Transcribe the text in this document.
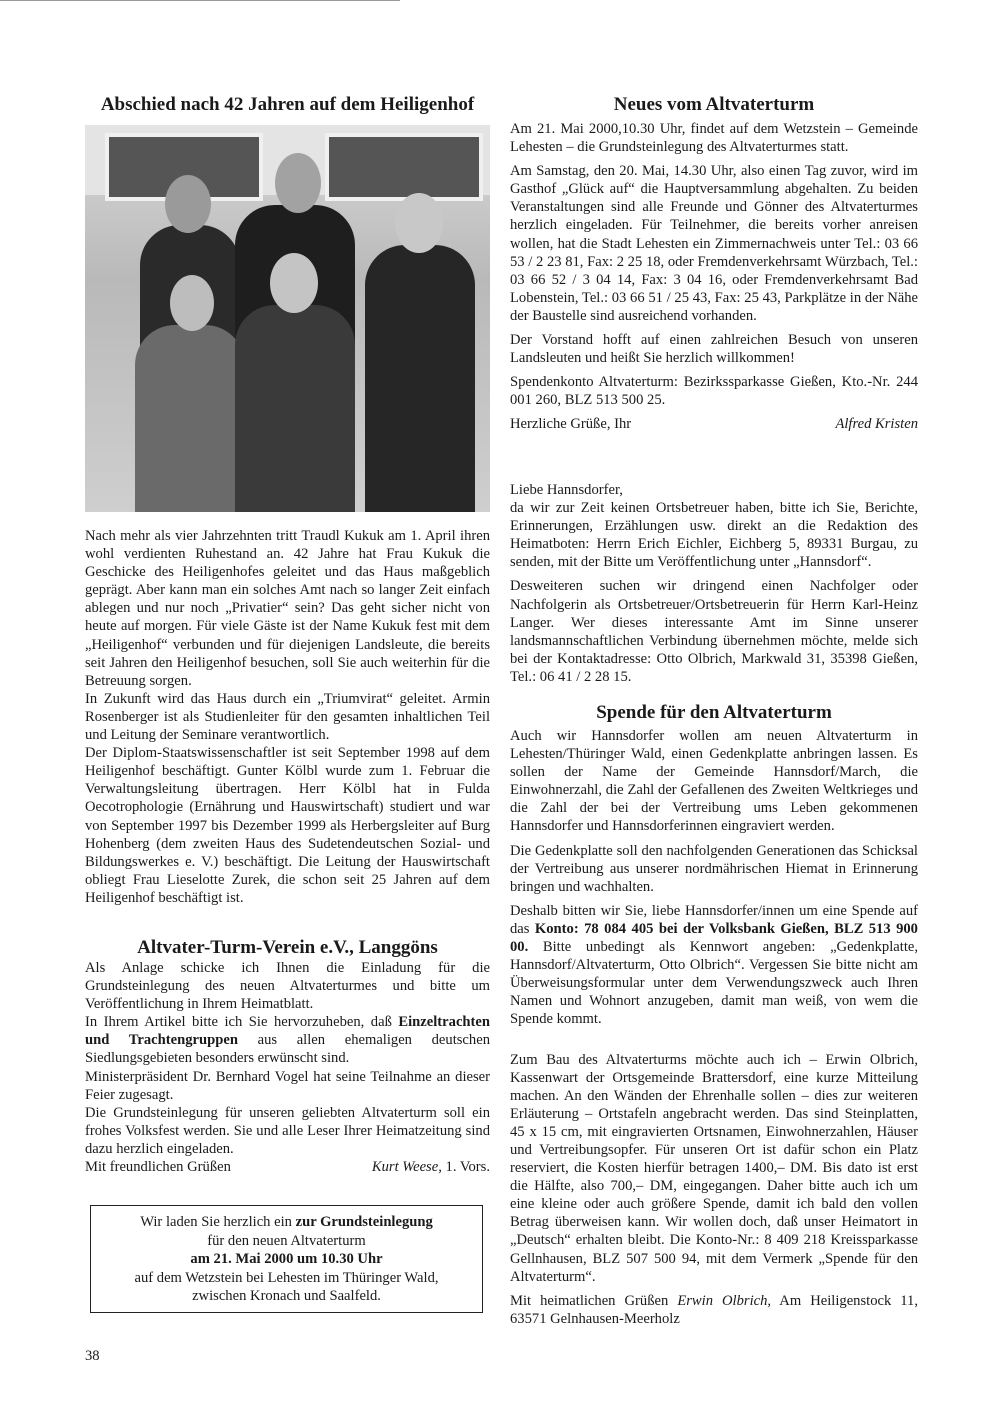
Abschied nach 42 Jahren auf dem Heiligenhof

Nach mehr als vier Jahrzehnten tritt Traudl Kukuk am 1. April ihren wohl verdienten Ruhestand an. 42 Jahre hat Frau Kukuk die Geschicke des Heiligenhofes geleitet und das Haus maßgeblich geprägt. Aber kann man ein solches Amt nach so langer Zeit einfach ablegen und nur noch „Privatier“ sein? Das geht sicher nicht von heute auf morgen. Für viele Gäste ist der Name Kukuk fest mit dem „Heiligenhof“ verbunden und für diejenigen Landsleute, die bereits seit Jahren den Heiligenhof besuchen, soll Sie auch weiterhin für die Betreuung sorgen.

In Zukunft wird das Haus durch ein „Triumvirat“ geleitet. Armin Rosenberger ist als Studienleiter für den gesamten inhaltlichen Teil und Leitung der Seminare verantwortlich.

Der Diplom-Staatswissenschaftler ist seit September 1998 auf dem Heiligenhof beschäftigt. Gunter Kölbl wurde zum 1. Februar die Verwaltungsleitung übertragen. Herr Kölbl hat in Fulda Oecotrophologie (Ernährung und Hauswirtschaft) studiert und war von September 1997 bis Dezember 1999 als Herbergsleiter auf Burg Hohenberg (dem zweiten Haus des Sudetendeutschen Sozial- und Bildungswerkes e. V.) beschäftigt. Die Leitung der Hauswirtschaft obliegt Frau Lieselotte Zurek, die schon seit 25 Jahren auf dem Heiligenhof beschäftigt ist.

Altvater-Turm-Verein e.V., Langgöns

Als Anlage schicke ich Ihnen die Einladung für die Grundsteinlegung des neuen Altvaterturmes und bitte um Veröffentlichung in Ihrem Heimatblatt.

In Ihrem Artikel bitte ich Sie hervorzuheben, daß Einzeltrachten und Trachtengruppen aus allen ehemaligen deutschen Siedlungsgebieten besonders erwünscht sind.

Ministerpräsident Dr. Bernhard Vogel hat seine Teilnahme an dieser Feier zugesagt.

Die Grundsteinlegung für unseren geliebten Altvaterturm soll ein frohes Volksfest werden. Sie und alle Leser Ihrer Heimatzeitung sind dazu herzlich eingeladen.

Mit freundlichen Grüßen	Kurt Weese, 1. Vors.
Wir laden Sie herzlich ein zur Grundsteinlegung
für den neuen Altvaterturm
am 21. Mai 2000 um 10.30 Uhr
auf dem Wetzstein bei Lehesten im Thüringer Wald,
zwischen Kronach und Saalfeld.
38
Neues vom Altvaterturm

Am 21. Mai 2000,10.30 Uhr, findet auf dem Wetzstein – Gemeinde Lehesten – die Grundsteinlegung des Altvaterturmes statt.

Am Samstag, den 20. Mai, 14.30 Uhr, also einen Tag zuvor, wird im Gasthof „Glück auf“ die Hauptversammlung abgehalten. Zu beiden Veranstaltungen sind alle Freunde und Gönner des Altvaterturmes herzlich eingeladen. Für Teilnehmer, die bereits vorher anreisen wollen, hat die Stadt Lehesten ein Zimmernachweis unter Tel.: 03 66 53 / 2 23 81, Fax: 2 25 18, oder Fremdenverkehrsamt Würzbach, Tel.: 03 66 52 / 3 04 14, Fax: 3 04 16, oder Fremdenverkehrsamt Bad Lobenstein, Tel.: 03 66 51 / 25 43, Fax: 25 43, Parkplätze in der Nähe der Baustelle sind ausreichend vorhanden.

Der Vorstand hofft auf einen zahlreichen Besuch von unseren Landsleuten und heißt Sie herzlich willkommen!

Spendenkonto Altvaterturm: Bezirkssparkasse Gießen, Kto.-Nr. 244 001 260, BLZ 513 500 25.

Herzliche Grüße, Ihr	Alfred Kristen

Liebe Hannsdorfer,

da wir zur Zeit keinen Ortsbetreuer haben, bitte ich Sie, Berichte, Erinnerungen, Erzählungen usw. direkt an die Redaktion des Heimatboten: Herrn Erich Eichler, Eichberg 5, 89331 Burgau, zu senden, mit der Bitte um Veröffentlichung unter „Hannsdorf“.

Desweiteren suchen wir dringend einen Nachfolger oder Nachfolgerin als Ortsbetreuer/Ortsbetreuerin für Herrn Karl-Heinz Langer. Wer dieses interessante Amt im Sinne unserer landsmannschaftlichen Verbindung übernehmen möchte, melde sich bei der Kontaktadresse: Otto Olbrich, Markwald 31, 35398 Gießen, Tel.: 06 41 / 2 28 15.

Spende für den Altvaterturm

Auch wir Hannsdorfer wollen am neuen Altvaterturm in Lehesten/Thüringer Wald, einen Gedenkplatte anbringen lassen. Es sollen der Name der Gemeinde Hannsdorf/March, die Einwohnerzahl, die Zahl der Gefallenen des Zweiten Weltkrieges und die Zahl der bei der Vertreibung ums Leben gekommenen Hannsdorfer und Hannsdorferinnen eingraviert werden.

Die Gedenkplatte soll den nachfolgenden Generationen das Schicksal der Vertreibung aus unserer nordmährischen Hiemat in Erinnerung bringen und wachhalten.

Deshalb bitten wir Sie, liebe Hannsdorfer/innen um eine Spende auf das Konto: 78 084 405 bei der Volksbank Gießen, BLZ 513 900 00. Bitte unbedingt als Kennwort angeben: „Gedenkplatte, Hannsdorf/Altvaterturm, Otto Olbrich“. Vergessen Sie bitte nicht am Überweisungsformular unter dem Verwendungszweck auch Ihren Namen und Wohnort anzugeben, damit man weiß, von wem die Spende kommt.

Zum Bau des Altvaterturms möchte auch ich – Erwin Olbrich, Kassenwart der Ortsgemeinde Brattersdorf, eine kurze Mitteilung machen. An den Wänden der Ehrenhalle sollen – dies zur weiteren Erläuterung – Ortstafeln angebracht werden. Das sind Steinplatten, 45 x 15 cm, mit eingravierten Ortsnamen, Einwohnerzahlen, Häuser und Vertreibungsopfer. Für unseren Ort ist dafür schon ein Platz reserviert, die Kosten hierfür betragen 1400,– DM. Bis dato ist erst die Hälfte, also 700,– DM, eingegangen. Daher bitte auch ich um eine kleine oder auch größere Spende, damit ich bald den vollen Betrag überweisen kann. Wir wollen doch, daß unser Heimatort in „Deutsch“ erhalten bleibt. Die Konto-Nr.: 8 409 218 Kreissparkasse Gellnhausen, BLZ 507 500 94, mit dem Vermerk „Spende für den Altvaterturm“.

Mit heimatlichen Grüßen Erwin Olbrich, Am Heiligenstock 11, 63571 Gelnhausen-Meerholz
